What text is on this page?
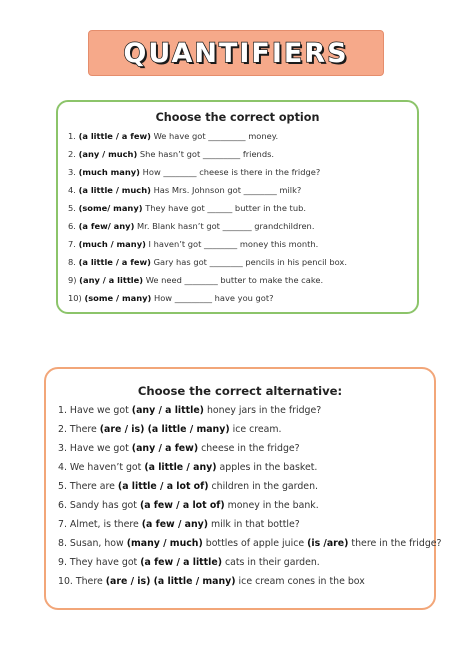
QUANTIFIERS
Choose the correct option
1. (a little / a few) We have got _________ money.
2. (any / much) She hasn’t got _________ friends.
3. (much many) How ________ cheese is there in the fridge?
4. (a little / much) Has Mrs. Johnson got ________ milk?
5. (some/ many) They have got ______ butter in the tub.
6. (a few/ any) Mr. Blank hasn’t got _______ grandchildren.
7. (much / many) I haven’t got ________ money this month.
8. (a little / a few) Gary has got ________ pencils in his pencil box.
9) (any / a little) We need ________ butter to make the cake.
10) (some / many) How _________ have you got?
Choose the correct alternative:
1. Have we got (any / a little) honey jars in the fridge?
2. There (are / is) (a little / many) ice cream.
3. Have we got (any / a few) cheese in the fridge?
4. We haven’t got (a little / any) apples in the basket.
5. There are (a little / a lot of) children in the garden.
6. Sandy has got (a few / a lot of) money in the bank.
7. Almet, is there (a few / any) milk in that bottle?
8. Susan, how (many / much) bottles of apple juice (is /are) there in the fridge?
9. They have got (a few / a little) cats in their garden.
10. There (are / is) (a little / many) ice cream cones in the box
